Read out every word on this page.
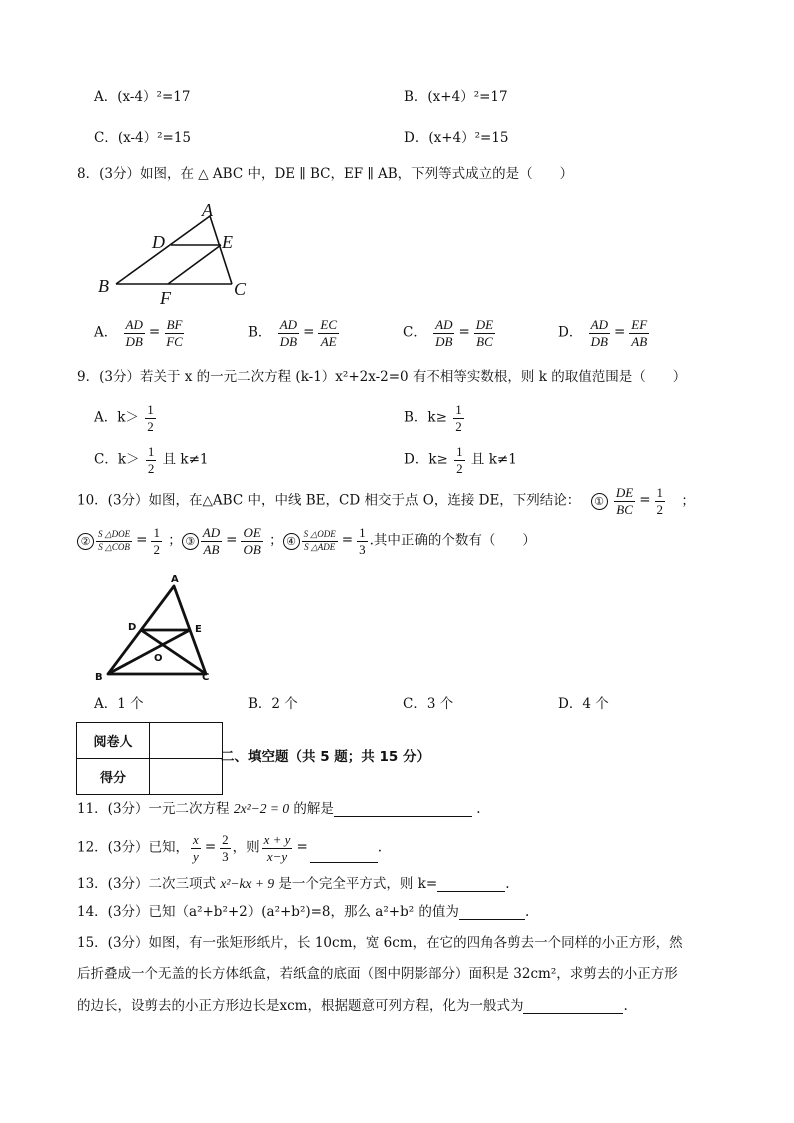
A．(x-4）²=17	B．(x+4）²=17
C．(x-4）²=15	D．(x+4）²=15
8．(3分）如图，在 △ ABC 中，DE ∥ BC，EF ∥ AB，下列等式成立的是（　　）
A
D	E
B
F	C
A． $\frac{AD}{DB} = \frac{BF}{FC}$	B． $\frac{AD}{DB} = \frac{EC}{AE}$	C． $\frac{AD}{DB} = \frac{DE}{BC}$	D． $\frac{AD}{DB} = \frac{EF}{AB}$
9．(3分）若关于 x 的一元二次方程 (k-1）x²+2x-2=0 有不相等实数根，则 k 的取值范围是（　　）
A．$k> \frac{1}{2}$	B．$k\ge \frac{1}{2}$
C．$k> \frac{1}{2}$ 且 k≠1	D．$k\ge \frac{1}{2}$ 且 k≠1
10．(3分）如图，在△ABC 中，中线 BE，CD 相交于点 O，连接 DE，下列结论： ① $\frac{DE}{BC} = \frac{1}{2}$ ；
② $\frac{\text{S △DOE}}{\text{S △COB}} = \frac{1}{2}$ ； ③ $\frac{AD}{AB} = \frac{OE}{OB}$ ； ④ $\frac{\text{S △ODE}}{\text{S △ADE}} = \frac{1}{3}$ .其中正确的个数有（　　）
A
D	E
O
B	C
A．1 个	B．2 个	C．3 个	D．4 个
阅卷人	
得分	
二、填空题（共 5 题；共 15 分）
11．(3分）一元二次方程 2x²−2 = 0 的解是	.
12．(3分）已知， $\frac{x}{y} = \frac{2}{3}$ ，则 $\frac{x + y}{x-y}$ =	.
13．(3分）二次三项式 x²−kx + 9 是一个完全平方式，则 k=	.
14．(3分）已知（a²+b²+2）(a²+b²)=8，那么 a²+b² 的值为	.
15．(3分）如图，有一张矩形纸片，长 10cm，宽 6cm，在它的四角各剪去一个同样的小正方形，然
后折叠成一个无盖的长方体纸盒，若纸盒的底面（图中阴影部分）面积是 32cm²，求剪去的小正方形
的边长，设剪去的小正方形边长是xcm，根据题意可列方程，化为一般式为	.
